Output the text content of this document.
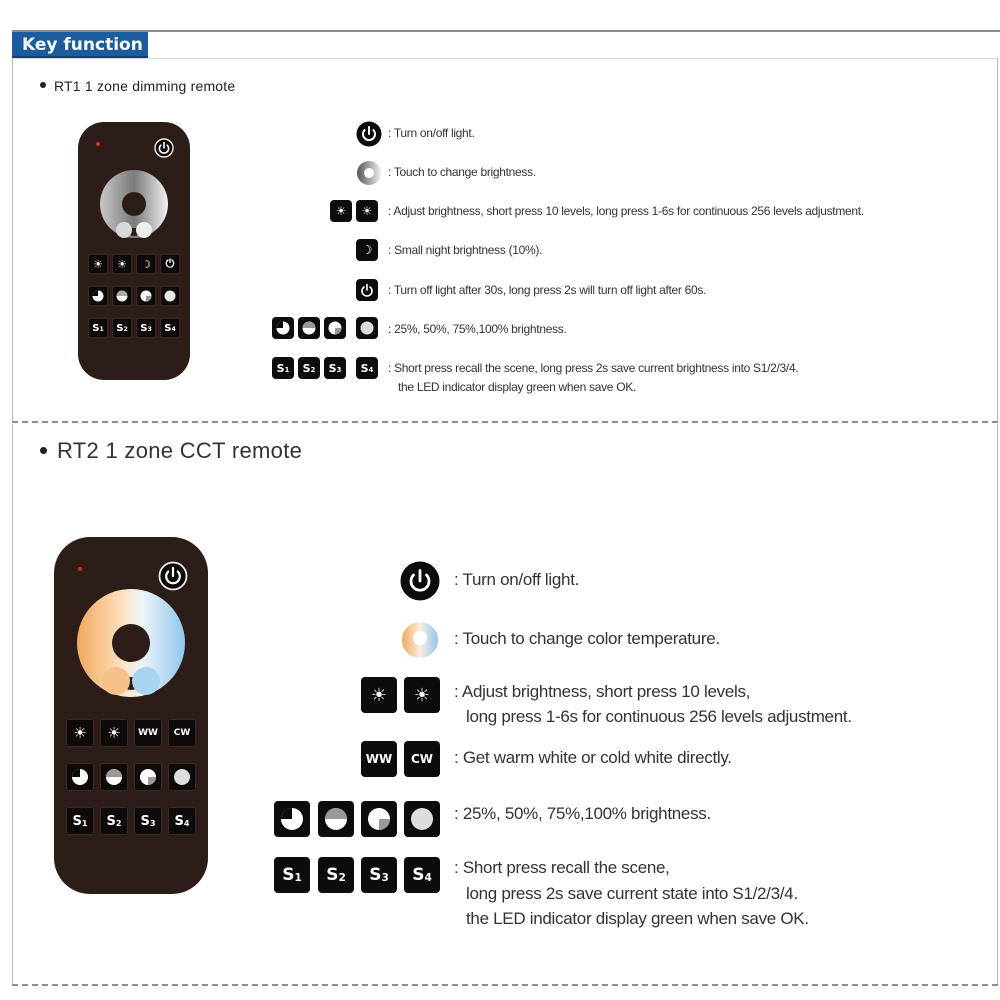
Key function
RT1 1 zone dimming remote
☀ ☀ ☽ ⏻
S 1 S 2 S 3 S 4
: Turn on/off light.
: Touch to change brightness.
☀	☀	: Adjust brightness, short press 10 levels, long press 1-6s for continuous 256 levels adjustment.
☽	: Small night brightness (10%).
: Turn off light after 30s, long press 2s will turn off light after 60s.
: 25%, 50%, 75%,100% brightness.
S 1 S 2 S 3 S 4 : Short press recall the scene, long press 2s save current brightness into S1/2/3/4.
the LED indicator display green when save OK.
RT2 1 zone CCT remote
☀ ☀ WW CW
S 1 S 2 S 3 S 4
: Turn on/off light.
: Touch to change color temperature.
☀	☀	: Adjust brightness, short press 10 levels,
long press 1-6s for continuous 256 levels adjustment.
WW CW : Get warm white or cold white directly.
: 25%, 50%, 75%,100% brightness.
S 1 S 2 S 3 S 4
: Short press recall the scene,
long press 2s save current state into S1/2/3/4.
the LED indicator display green when save OK.
